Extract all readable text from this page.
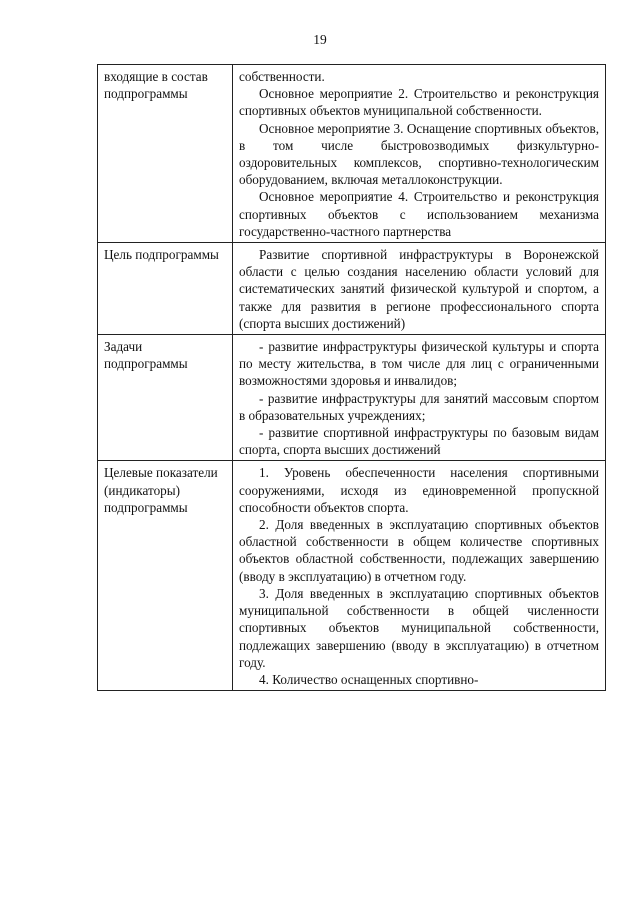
19
входящие в состав подпрограммы	собственности.

Основное мероприятие 2. Строительство и реконструкция спортивных объектов муниципальной собственности.

Основное мероприятие 3. Оснащение спортивных объектов, в том числе быстровозводимых физкультурно-оздоровительных комплексов, спортивно-технологическим оборудованием, включая металлоконструкции.

Основное мероприятие 4. Строительство и реконструкция спортивных объектов с использованием механизма государственно-частного партнерства

Цель подпрограммы	Развитие спортивной инфраструктуры в Воронежской области с целью создания населению области условий для систематических занятий физической культурой и спортом, а также для развития в регионе профессионального спорта (спорта высших достижений)

Задачи подпрограммы	- развитие инфраструктуры физической культуры и спорта по месту жительства, в том числе для лиц с ограниченными возможностями здоровья и инвалидов;

- развитие инфраструктуры для занятий массовым спортом в образовательных учреждениях;

- развитие спортивной инфраструктуры по базовым видам спорта, спорта высших достижений

Целевые показатели (индикаторы) подпрограммы	1. Уровень обеспеченности населения спортивными сооружениями, исходя из единовременной пропускной способности объектов спорта.

2. Доля введенных в эксплуатацию спортивных объектов областной собственности в общем количестве спортивных объектов областной собственности, подлежащих завершению (вводу в эксплуатацию) в отчетном году.

3. Доля введенных в эксплуатацию спортивных объектов муниципальной собственности в общей численности спортивных объектов муниципальной собственности, подлежащих завершению (вводу в эксплуатацию) в отчетном году.

4. Количество оснащенных спортивно-
